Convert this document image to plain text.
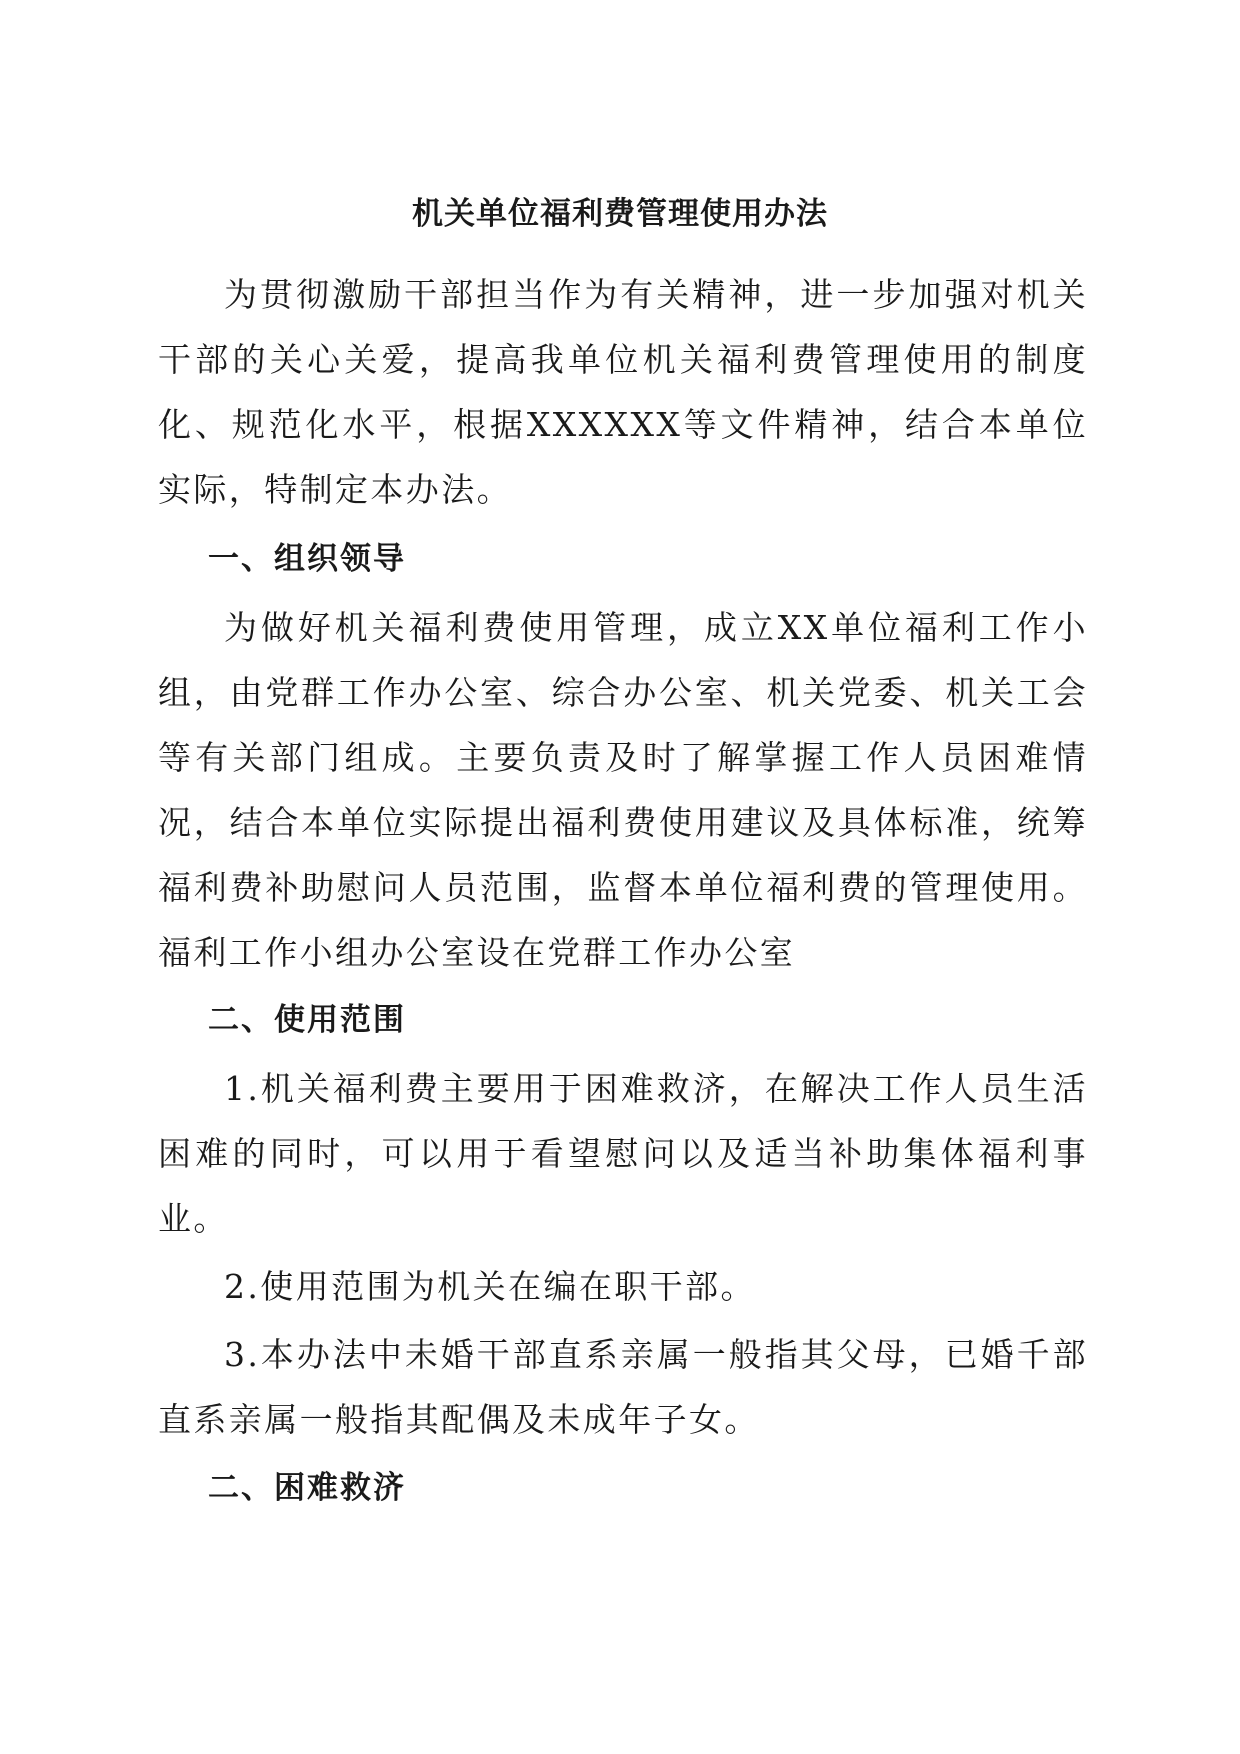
机关单位福利费管理使用办法

为贯彻激励干部担当作为有关精神，进一步加强对机关干部的关心关爱，提高我单位机关福利费管理使用的制度化、规范化水平，根据XXXXXX等文件精神，结合本单位实际，特制定本办法。

一、组织领导

为做好机关福利费使用管理，成立XX单位福利工作小组，由党群工作办公室、综合办公室、机关党委、机关工会等有关部门组成。主要负责及时了解掌握工作人员困难情况，结合本单位实际提出福利费使用建议及具体标准，统筹福利费补助慰问人员范围，监督本单位福利费的管理使用。福利工作小组办公室设在党群工作办公室

二、使用范围

1.机关福利费主要用于困难救济，在解决工作人员生活困难的同时，可以用于看望慰问以及适当补助集体福利事业。

2.使用范围为机关在编在职干部。

3.本办法中未婚干部直系亲属一般指其父母，已婚千部直系亲属一般指其配偶及未成年子女。

二、困难救济
